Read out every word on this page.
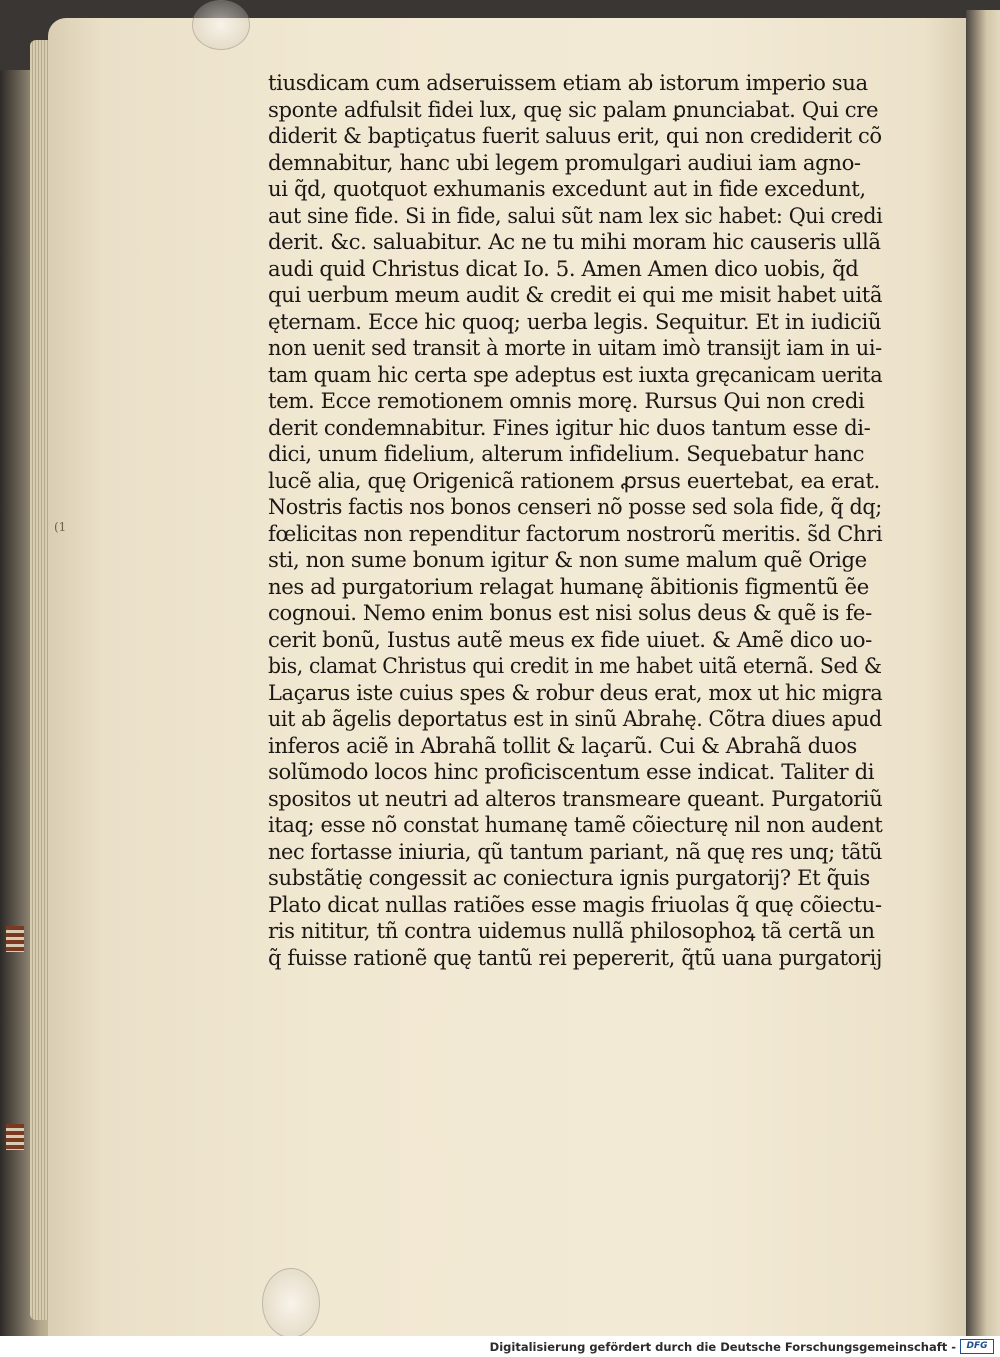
(1
tiusdicam cum adseruissem etiam ab istorum imperio sua
sponte adfulsit fidei lux, quę sic palam ꝑnunciabat. Qui cre
diderit & baptiçatus fuerit saluus erit, qui non crediderit cõ
demnabitur, hanc ubi legem promulgari audiui iam agno-
ui q̃d, quotquot exhumanis excedunt aut in fide excedunt,
aut sine fide. Si in fide, salui sũt nam lex sic habet: Qui credi
derit. &c. saluabitur. Ac ne tu mihi moram hic causeris ullã
audi quid Christus dicat Io. 5. Amen Amen dico uobis, q̃d
qui uerbum meum audit & credit ei qui me misit habet uitã
ęternam. Ecce hic quoq; uerba legis. Sequitur. Et in iudiciũ
non uenit sed transit à morte in uitam imò transijt iam in ui-
tam quam hic certa spe adeptus est iuxta gręcanicam uerita
tem. Ecce remotionem omnis morę. Rursus Qui non credi
derit condemnabitur. Fines igitur hic duos tantum esse di-
dici, unum fidelium, alterum infidelium. Sequebatur hanc
lucẽ alia, quę Origenicã rationem ꝓrsus euertebat, ea erat.
Nostris factis nos bonos censeri nõ posse sed sola fide, q̃ dq;
fœlicitas non rependitur factorum nostrorũ meritis. s̃d Chri
sti, non sume bonum igitur & non sume malum quẽ Orige
nes ad purgatorium relagat humanę ãbitionis figmentũ ẽe
cognoui. Nemo enim bonus est nisi solus deus & quẽ is fe-
cerit bonũ, Iustus autẽ meus ex fide uiuet. & Amẽ dico uo-
bis, clamat Christus qui credit in me habet uitã eternã. Sed &
Laçarus iste cuius spes & robur deus erat, mox ut hic migra
uit ab ãgelis deportatus est in sinũ Abrahę. Cõtra diues apud
inferos aciẽ in Abrahã tollit & laçarũ. Cui & Abrahã duos
solũmodo locos hinc proficiscentum esse indicat. Taliter di
spositos ut neutri ad alteros transmeare queant. Purgatoriũ
itaq; esse nõ constat humanę tamẽ cõiecturę nil non audent
nec fortasse iniuria, qũ tantum pariant, nã quę res unq; tãtũ
substãtię congessit ac coniectura ignis purgatorij? Et q̃uis
Plato dicat nullas ratiões esse magis friuolas q̃ quę cõiectu-
ris nititur, tñ contra uidemus nullã philosophoꝝ tã certã un
q̃ fuisse rationẽ quę tantũ rei pepererit, q̃tũ uana purgatorij
Digitalisierung gefördert durch die Deutsche Forschungsgemeinschaft -	DFG
